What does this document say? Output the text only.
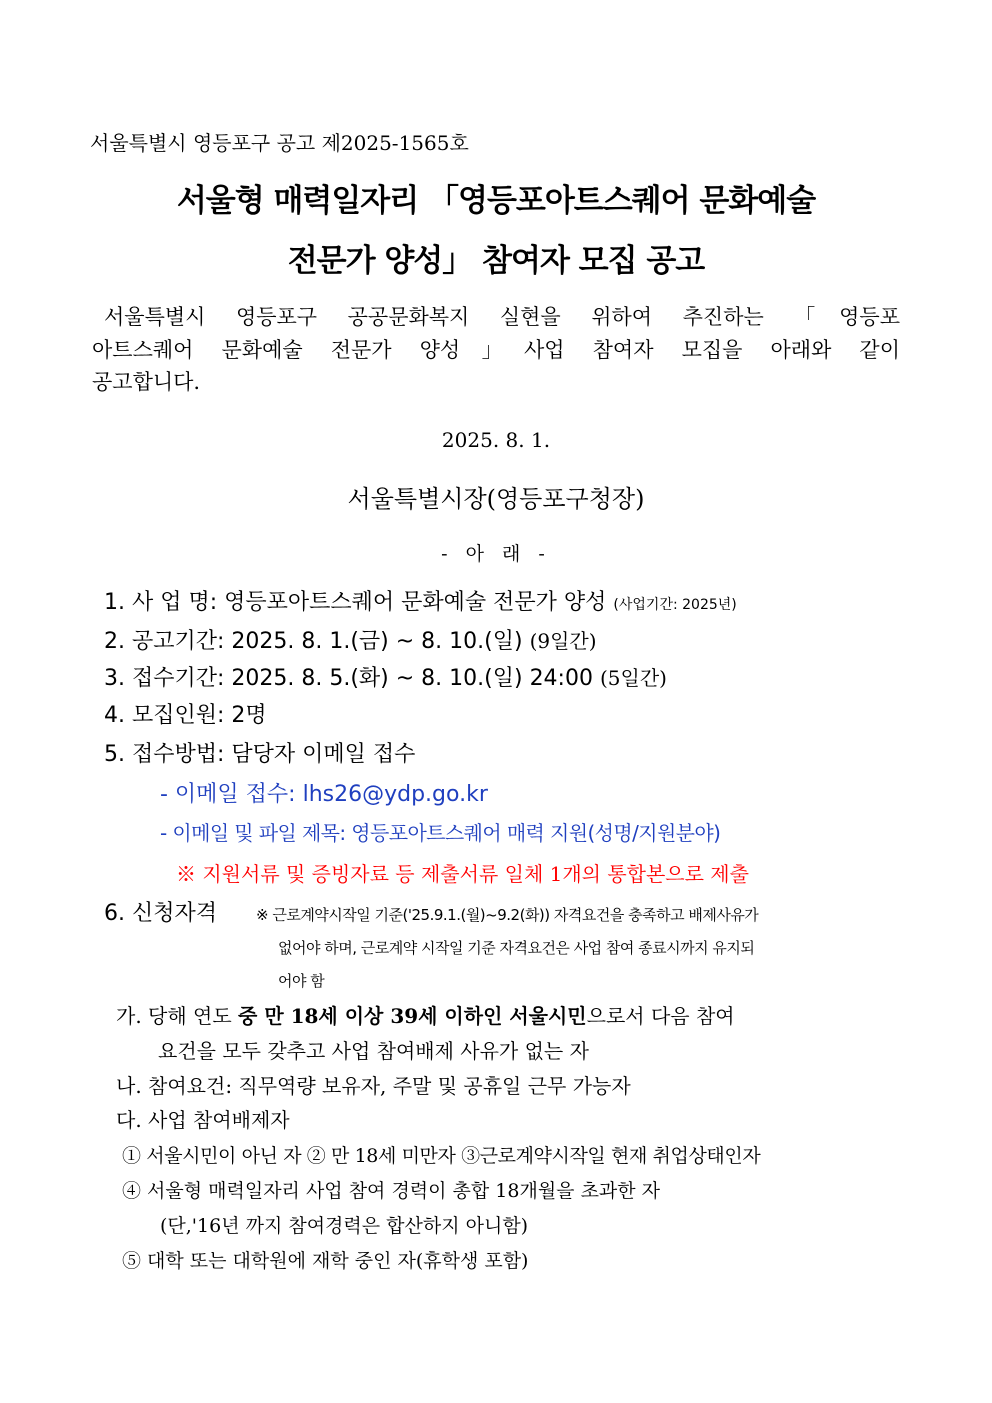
서울특별시 영등포구 공고 제2025-1565호
서울형 매력일자리 「영등포아트스퀘어 문화예술
전문가 양성」 참여자 모집 공고
서울특별시 영등포구 공공문화복지 실현을 위하여 추진하는 「영등포
아트스퀘어 문화예술 전문가 양성」사업 참여자 모집을 아래와 같이
공고합니다.
2025. 8. 1.
서울특별시장(영등포구청장)
- 아 래 -
1. 사 업 명: 영등포아트스퀘어 문화예술 전문가 양성 (사업기간: 2025년)
2. 공고기간: 2025. 8. 1.(금) ~ 8. 10.(일) (9일간)
3. 접수기간: 2025. 8. 5.(화) ~ 8. 10.(일) 24:00 (5일간)
4. 모집인원: 2명
5. 접수방법: 담당자 이메일 접수
- 이메일 접수: lhs26@ydp.go.kr
- 이메일 및 파일 제목: 영등포아트스퀘어 매력 지원(성명/지원분야)
※ 지원서류 및 증빙자료 등 제출서류 일체 1개의 통합본으로 제출
6. 신청자격	※ 근로계약시작일 기준('25.9.1.(월)~9.2(화)) 자격요건을 충족하고 배제사유가
없어야 하며, 근로계약 시작일 기준 자격요건은 사업 참여 종료시까지 유지되
어야 함
가. 당해 연도 중 만 18세 이상 39세 이하인 서울시민으로서 다음 참여
요건을 모두 갖추고 사업 참여배제 사유가 없는 자
나. 참여요건: 직무역량 보유자, 주말 및 공휴일 근무 가능자
다. 사업 참여배제자
① 서울시민이 아닌 자 ② 만 18세 미만자 ③근로계약시작일 현재 취업상태인자
④ 서울형 매력일자리 사업 참여 경력이 총합 18개월을 초과한 자
(단,'16년 까지 참여경력은 합산하지 아니함)
⑤ 대학 또는 대학원에 재학 중인 자(휴학생 포함)
